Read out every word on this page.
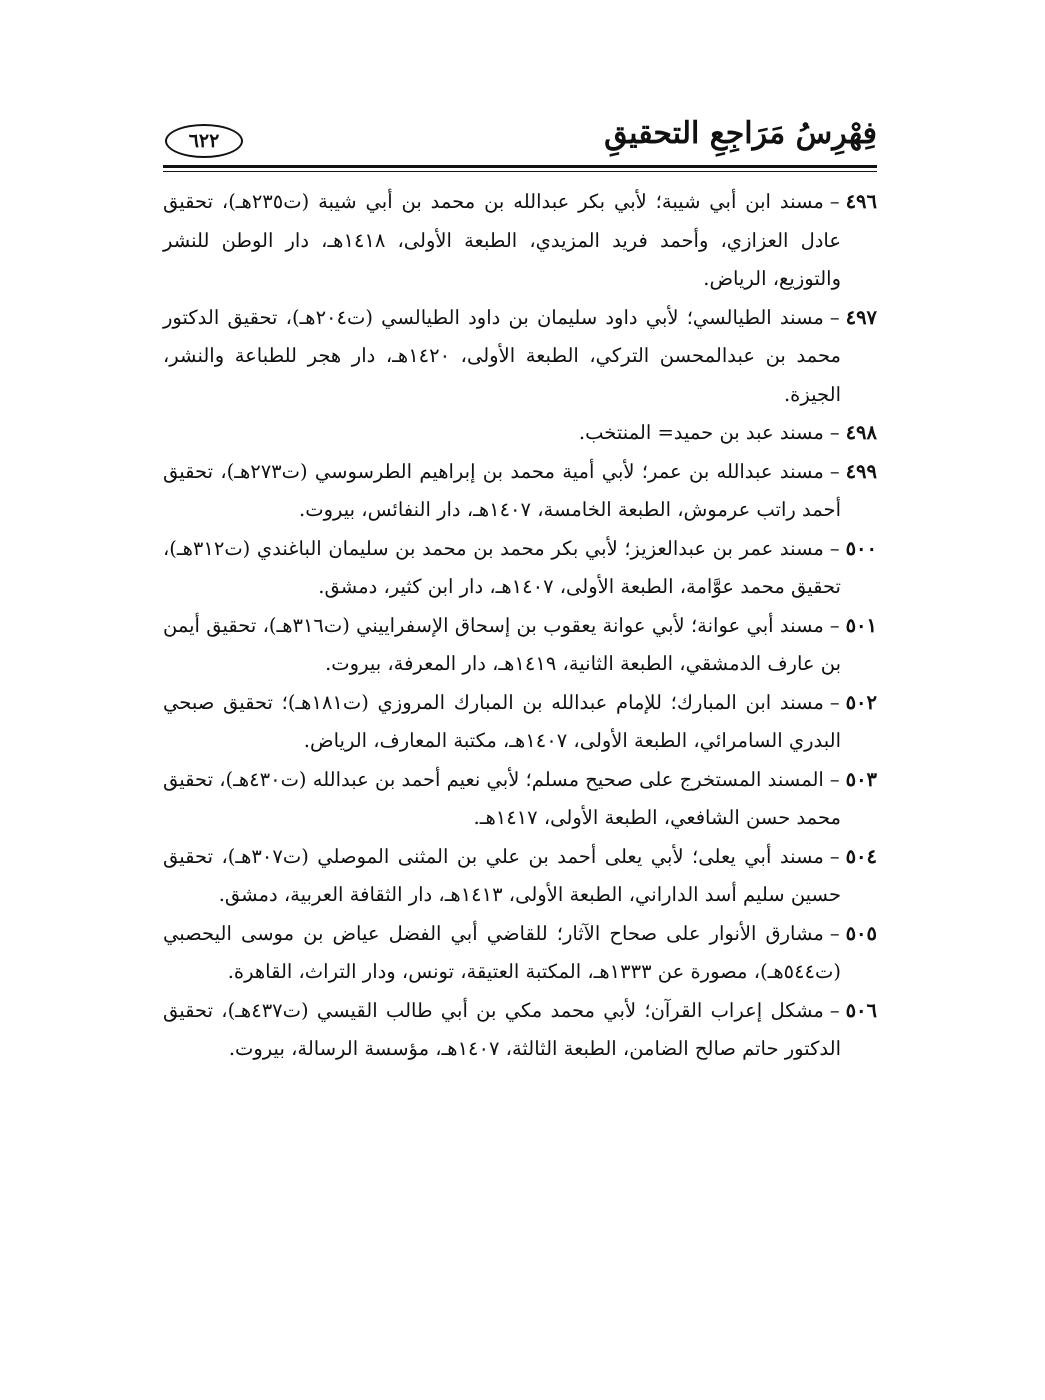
فِهْرِسُ مَرَاجِعِ التحقيقِ
٦٢٢

٤٩٦–مسند ابن أبي شيبة؛ لأبي بكر عبدالله بن محمد بن أبي شيبة (ت٢٣٥هـ)، تحقيق عادل العزازي، وأحمد فريد المزيدي، الطبعة الأولى، ١٤١٨هـ، دار الوطن للنشر والتوزيع، الرياض.

٤٩٧–مسند الطيالسي؛ لأبي داود سليمان بن داود الطيالسي (ت٢٠٤هـ)، تحقيق الدكتور محمد بن عبدالمحسن التركي، الطبعة الأولى، ١٤٢٠هـ، دار هجر للطباعة والنشر، الجيزة.

٤٩٨–مسند عبد بن حميد= المنتخب.

٤٩٩–مسند عبدالله بن عمر؛ لأبي أمية محمد بن إبراهيم الطرسوسي (ت٢٧٣هـ)، تحقيق أحمد راتب عرموش، الطبعة الخامسة، ١٤٠٧هـ، دار النفائس، بيروت.

٥٠٠–مسند عمر بن عبدالعزيز؛ لأبي بكر محمد بن محمد بن سليمان الباغندي (ت٣١٢هـ)، تحقيق محمد عوَّامة، الطبعة الأولى، ١٤٠٧هـ، دار ابن كثير، دمشق.

٥٠١–مسند أبي عوانة؛ لأبي عوانة يعقوب بن إسحاق الإسفراييني (ت٣١٦هـ)، تحقيق أيمن بن عارف الدمشقي، الطبعة الثانية، ١٤١٩هـ، دار المعرفة، بيروت.

٥٠٢–مسند ابن المبارك؛ للإمام عبدالله بن المبارك المروزي (ت١٨١هـ)؛ تحقيق صبحي البدري السامرائي، الطبعة الأولى، ١٤٠٧هـ، مكتبة المعارف، الرياض.

٥٠٣–المسند المستخرج على صحيح مسلم؛ لأبي نعيم أحمد بن عبدالله (ت٤٣٠هـ)، تحقيق محمد حسن الشافعي، الطبعة الأولى، ١٤١٧هـ.

٥٠٤–مسند أبي يعلى؛ لأبي يعلى أحمد بن علي بن المثنى الموصلي (ت٣٠٧هـ)، تحقيق حسين سليم أسد الداراني، الطبعة الأولى، ١٤١٣هـ، دار الثقافة العربية، دمشق.

٥٠٥–مشارق الأنوار على صحاح الآثار؛ للقاضي أبي الفضل عياض بن موسى اليحصبي (ت٥٤٤هـ)، مصورة عن ١٣٣٣هـ، المكتبة العتيقة، تونس، ودار التراث، القاهرة.

٥٠٦–مشكل إعراب القرآن؛ لأبي محمد مكي بن أبي طالب القيسي (ت٤٣٧هـ)، تحقيق الدكتور حاتم صالح الضامن، الطبعة الثالثة، ١٤٠٧هـ، مؤسسة الرسالة، بيروت.
